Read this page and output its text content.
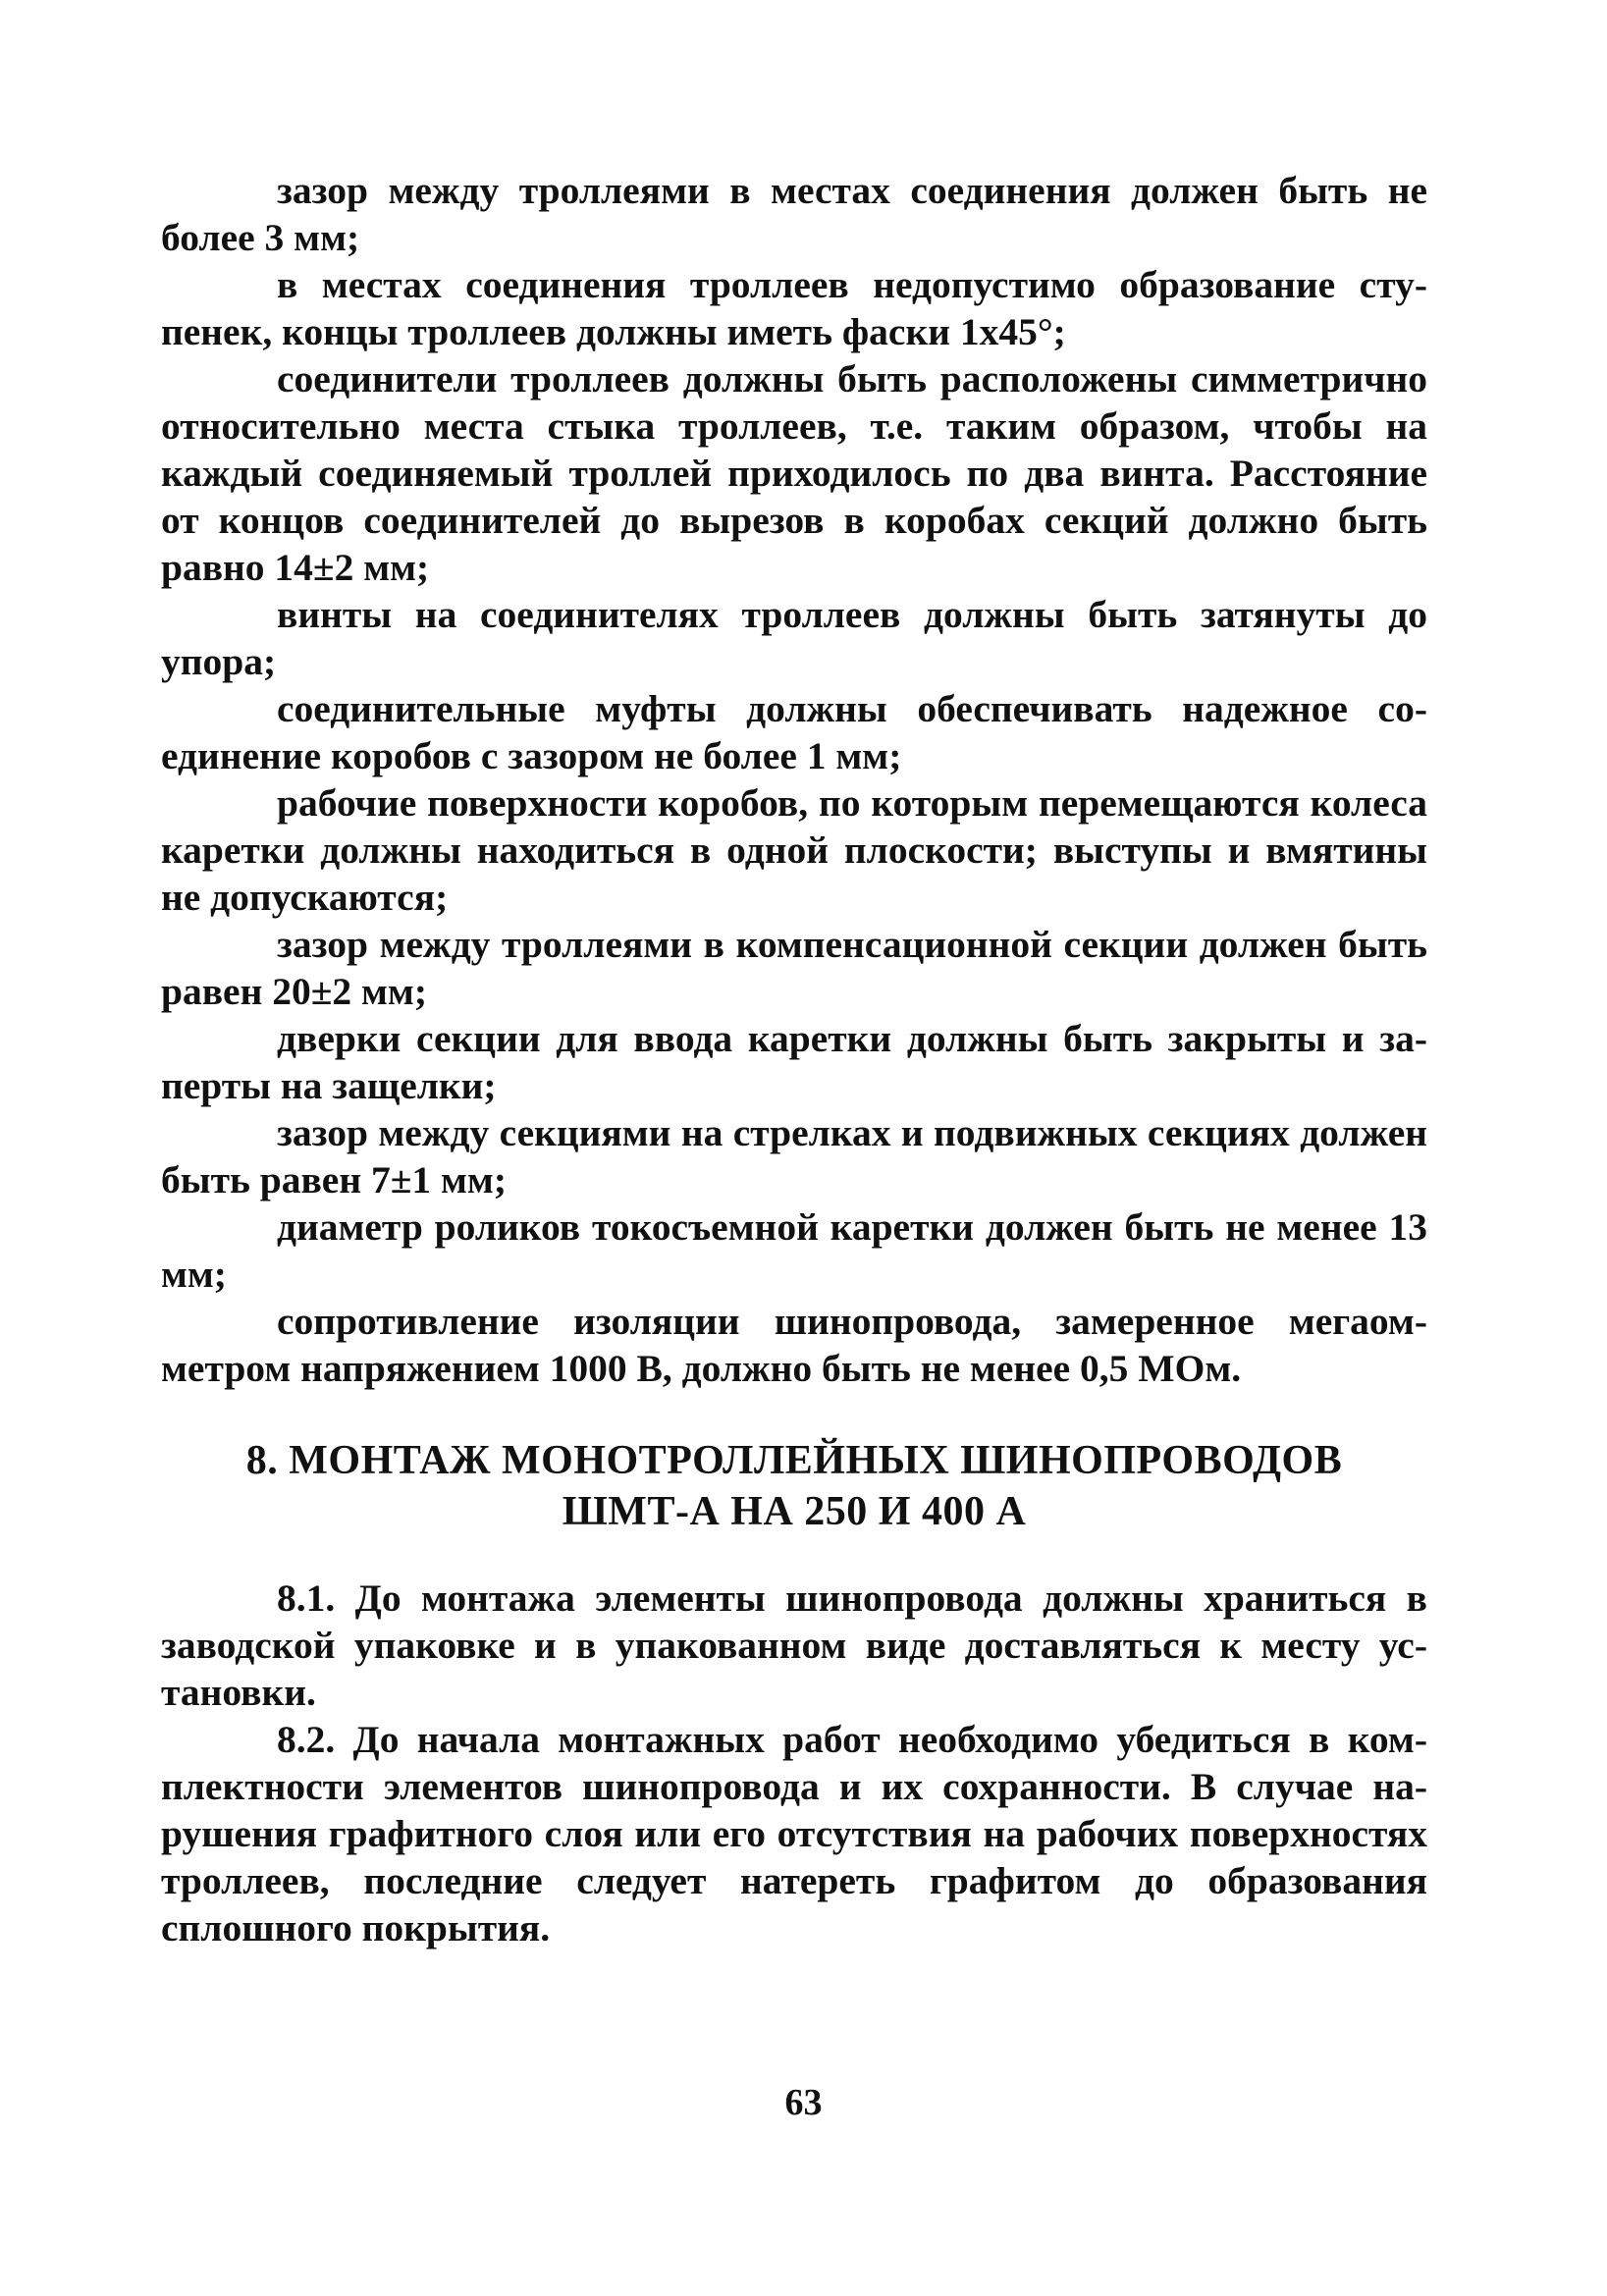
зазор между троллеями в местах соединения должен быть не более 3 мм;

в местах соединения троллеев недопустимо образование ступенек, концы троллеев должны иметь фаски 1х45°;

соединители троллеев должны быть расположены симметрично относительно места стыка троллеев, т.е. таким образом, чтобы на каждый соединяемый троллей приходилось по два винта. Расстояние от концов соединителей до вырезов в коробах секций должно быть равно 14±2 мм;

винты на соединителях троллеев должны быть затянуты до упора;

соединительные муфты должны обеспечивать надежное соединение коробов с зазором не более 1 мм;

рабочие поверхности коробов, по которым перемещаются колеса каретки должны находиться в одной плоскости; выступы и вмятины не допускаются;

зазор между троллеями в компенсационной секции должен быть равен 20±2 мм;

дверки секции для ввода каретки должны быть закрыты и заперты на защелки;

зазор между секциями на стрелках и подвижных секциях должен быть равен 7±1 мм;

диаметр роликов токосъемной каретки должен быть не менее 13 мм;

сопротивление изоляции шинопровода, замеренное мегаомметром напряжением 1000 В, должно быть не менее 0,5 МОм.

8. МОНТАЖ МОНОТРОЛЛЕЙНЫХ ШИНОПРОВОДОВ
ШМТ-А НА 250 И 400 А

8.1. До монтажа элементы шинопровода должны храниться в заводской упаковке и в упакованном виде доставляться к месту установки.

8.2. До начала монтажных работ необходимо убедиться в комплектности элементов шинопровода и их сохранности. В случае нарушения графитного слоя или его отсутствия на рабочих поверхностях троллеев, последние следует натереть графитом до образования сплошного покрытия.

63
